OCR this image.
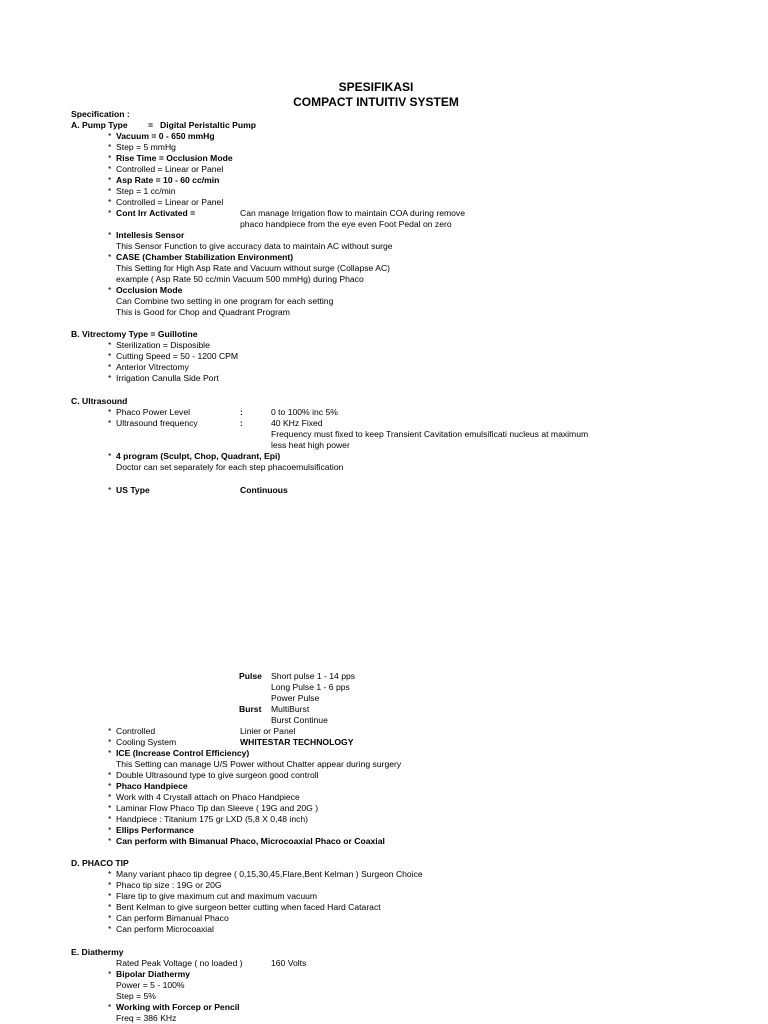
SPESIFIKASI
COMPACT INTUITIV SYSTEM
Specification :
A. Pump Type = Digital Peristaltic Pump
* Vacuum = 0 - 650 mmHg
* Step = 5 mmHg
* Rise Time = Occlusion Mode
* Controlled = Linear or Panel
* Asp Rate = 10 - 60 cc/min
* Step = 1 cc/min
* Controlled = Linear or Panel
* Cont Irr Activated =	Can manage Irrigation flow to maintain COA during remove
phaco handpiece from the eye even Foot Pedal on zero
* Intellesis Sensor
This Sensor Function to give accuracy data to maintain AC without surge
* CASE (Chamber Stabilization Environment)
This Setting for High Asp Rate and Vacuum without surge (Collapse AC)
example ( Asp Rate 50 cc/min Vacuum 500 mmHg) during Phaco
* Occlusion Mode
Can Combine two setting in one program for each setting
This is Good for Chop and Quadrant Program
B. Vitrectomy Type = Guillotine
* Sterilization = Disposible
* Cutting Speed = 50 - 1200 CPM
* Anterior Vitrectomy
* Irrigation Canulla Side Port
C. Ultrasound
* Phaco Power Level	:	0 to 100% inc 5%
* Ultrasound frequency	:	40 KHz Fixed
Frequency must fixed to keep Transient Cavitation emulsificati nucleus at maximum
less heat high power
* 4 program (Sculpt, Chop, Quadrant, Epi)
Doctor can set separately for each step phacoemulsification
* US Type	Continuous
Pulse Short pulse 1 - 14 pps
Long Pulse 1 - 6 pps
Power Pulse
Burst MultiBurst
Burst Continue
* Controlled	Linier or Panel
* Cooling System	WHITESTAR TECHNOLOGY
* ICE (Increase Control Efficiency)
This Setting can manage U/S Power without Chatter appear during surgery
* Double Ultrasound type to give surgeon good controll
* Phaco Handpiece
* Work with 4 Crystall attach on Phaco Handpiece
* Laminar Flow Phaco Tip dan Sleeve ( 19G and 20G )
* Handpiece : Titanium 175 gr LXD (5,8 X 0,48 inch)
* Ellips Performance
* Can perform with Bimanual Phaco, Microcoaxial Phaco or Coaxial
D. PHACO TIP
* Many variant phaco tip degree ( 0,15,30,45,Flare,Bent Kelman ) Surgeon Choice
* Phaco tip size : 19G or 20G
* Flare tip to give maximum cut and maximum vacuum
* Bent Kelman to give surgeon better cutting when faced Hard Cataract
* Can perform Bimanual Phaco
* Can perform Microcoaxial
E. Diathermy
Rated Peak Voltage ( no loaded )	160 Volts
* Bipolar Diathermy
Power = 5 - 100%
Step = 5%
* Working with Forcep or Pencil
Freq = 386 KHz
